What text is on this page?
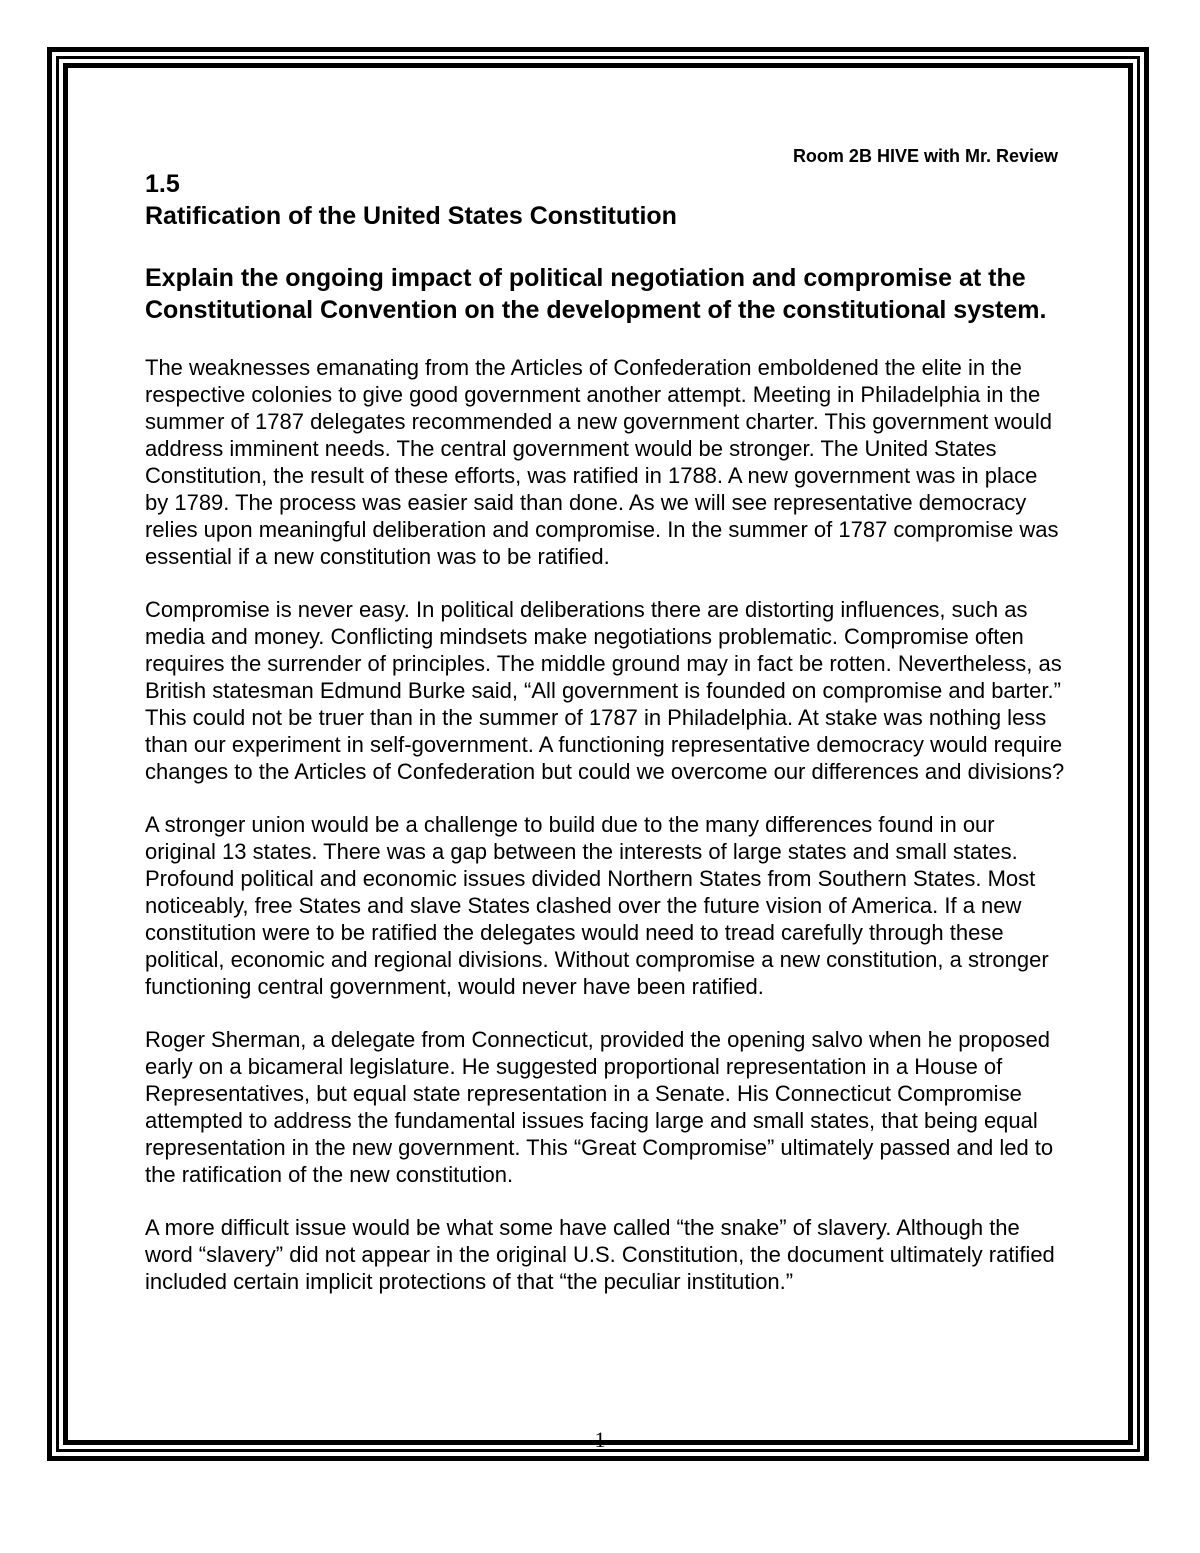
Room 2B HIVE with Mr. Review
1.5
Ratification of the United States Constitution
Explain the ongoing impact of political negotiation and compromise at the Constitutional Convention on the development of the constitutional system.

The weaknesses emanating from the Articles of Confederation emboldened the elite in the respective colonies to give good government another attempt. Meeting in Philadelphia in the summer of 1787 delegates recommended a new government charter. This government would address imminent needs. The central government would be stronger. The United States Constitution, the result of these efforts, was ratified in 1788. A new government was in place by 1789. The process was easier said than done. As we will see representative democracy relies upon meaningful deliberation and compromise. In the summer of 1787 compromise was essential if a new constitution was to be ratified.

Compromise is never easy. In political deliberations there are distorting influences, such as media and money. Conflicting mindsets make negotiations problematic. Compromise often requires the surrender of principles. The middle ground may in fact be rotten. Nevertheless, as British statesman Edmund Burke said, “All government is founded on compromise and barter.” This could not be truer than in the summer of 1787 in Philadelphia. At stake was nothing less than our experiment in self-government. A functioning representative democracy would require changes to the Articles of Confederation but could we overcome our differences and divisions?

A stronger union would be a challenge to build due to the many differences found in our original 13 states. There was a gap between the interests of large states and small states. Profound political and economic issues divided Northern States from Southern States. Most noticeably, free States and slave States clashed over the future vision of America. If a new constitution were to be ratified the delegates would need to tread carefully through these political, economic and regional divisions. Without compromise a new constitution, a stronger functioning central government, would never have been ratified.

Roger Sherman, a delegate from Connecticut, provided the opening salvo when he proposed early on a bicameral legislature. He suggested proportional representation in a House of Representatives, but equal state representation in a Senate. His Connecticut Compromise attempted to address the fundamental issues facing large and small states, that being equal representation in the new government. This “Great Compromise” ultimately passed and led to the ratification of the new constitution.

A more difficult issue would be what some have called “the snake” of slavery. Although the word “slavery” did not appear in the original U.S. Constitution, the document ultimately ratified included certain implicit protections of that “the peculiar institution.”

1
